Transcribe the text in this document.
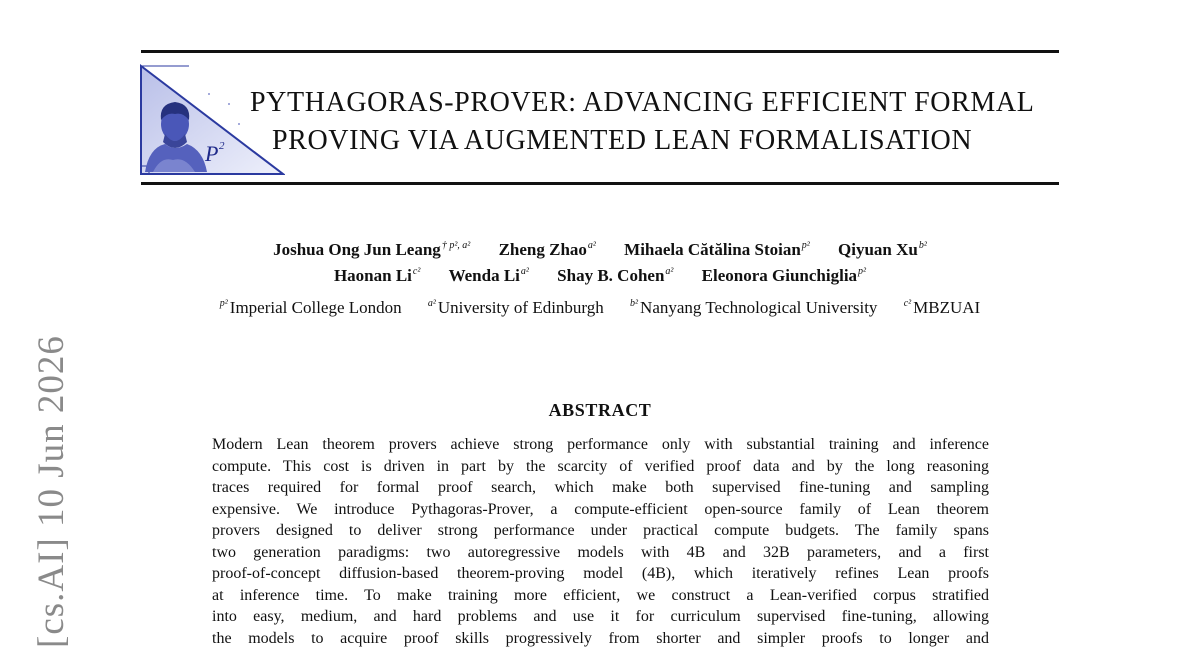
P 2
PYTHAGORAS-PROVER: ADVANCING EFFICIENT FORMAL
PROVING VIA AUGMENTED LEAN FORMALISATION
Joshua Ong Jun Leang$^{\dagger p^2, a^2}$ Zheng Zhao$^{a^2}$ Mihaela Cătălina Stoian$^{p^2}$ Qiyuan $Xu^{b^2}$
Haonan $Li^{c^2}$ Wenda $Li^{a^2}$ Shay B. Cohen$^{a^2}$ Eleonora Giunchiglia$^{p^2}$
$^{p^2}$ Imperial College London	$^{a^2}$ University of Edinburgh	$^{b^2}$ Nanyang Technological University	$^{c^2}$ MBZUAI
ABSTRACT
Modern Lean theorem provers achieve strong performance only with substantial training and inference
compute. This cost is driven in part by the scarcity of verified proof data and by the long reasoning
traces required for formal proof search, which make both supervised fine-tuning and sampling
expensive. We introduce Pythagoras-Prover, a compute-efficient open-source family of Lean theorem
provers designed to deliver strong performance under practical compute budgets. The family spans
two generation paradigms: two autoregressive models with 4B and 32B parameters, and a first
proof-of-concept diffusion-based theorem-proving model (4B), which iteratively refines Lean proofs
at inference time. To make training more efficient, we construct a Lean-verified corpus stratified
into easy, medium, and hard problems and use it for curriculum supervised fine-tuning, allowing
the models to acquire proof skills progressively from shorter and simpler proofs to longer and
[cs.AI] 10 Jun 2026
